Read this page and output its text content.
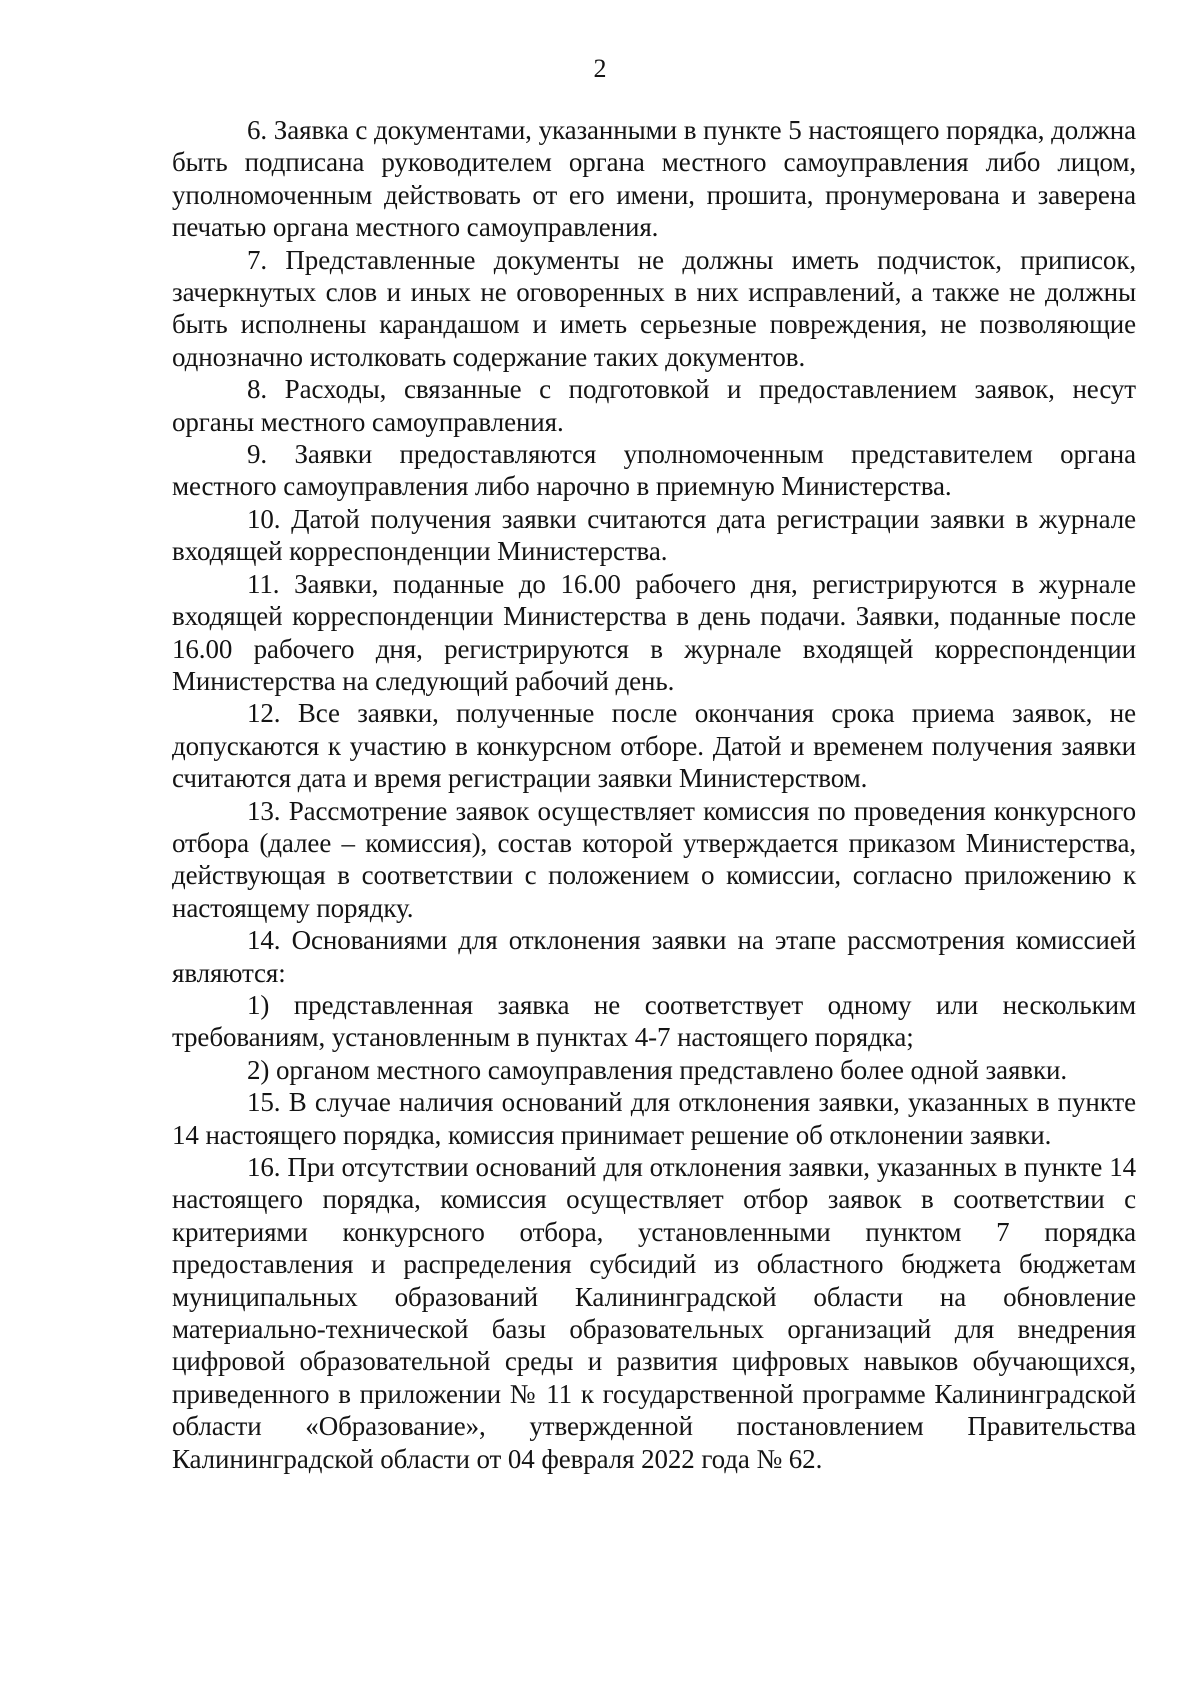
2

6. Заявка с документами, указанными в пункте 5 настоящего порядка, должна быть подписана руководителем органа местного самоуправления либо лицом, уполномоченным действовать от его имени, прошита, пронумерована и заверена печатью органа местного самоуправления.

7. Представленные документы не должны иметь подчисток, приписок, зачеркнутых слов и иных не оговоренных в них исправлений, а также не должны быть исполнены карандашом и иметь серьезные повреждения, не позволяющие однозначно истолковать содержание таких документов.

8. Расходы, связанные с подготовкой и предоставлением заявок, несут органы местного самоуправления.

9. Заявки предоставляются уполномоченным представителем органа местного самоуправления либо нарочно в приемную Министерства.

10. Датой получения заявки считаются дата регистрации заявки в журнале входящей корреспонденции Министерства.

11. Заявки, поданные до 16.00 рабочего дня, регистрируются в журнале входящей корреспонденции Министерства в день подачи. Заявки, поданные после 16.00 рабочего дня, регистрируются в журнале входящей корреспонденции Министерства на следующий рабочий день.

12. Все заявки, полученные после окончания срока приема заявок, не допускаются к участию в конкурсном отборе. Датой и временем получения заявки считаются дата и время регистрации заявки Министерством.

13. Рассмотрение заявок осуществляет комиссия по проведения конкурсного отбора (далее – комиссия), состав которой утверждается приказом Министерства, действующая в соответствии с положением о комиссии, согласно приложению к настоящему порядку.

14. Основаниями для отклонения заявки на этапе рассмотрения комиссией являются:

1) представленная заявка не соответствует одному или нескольким требованиям, установленным в пунктах 4-7 настоящего порядка;

2) органом местного самоуправления представлено более одной заявки.

15. В случае наличия оснований для отклонения заявки, указанных в пункте 14 настоящего порядка, комиссия принимает решение об отклонении заявки.

16. При отсутствии оснований для отклонения заявки, указанных в пункте 14 настоящего порядка, комиссия осуществляет отбор заявок в соответствии с критериями конкурсного отбора, установленными пунктом 7 порядка предоставления и распределения субсидий из областного бюджета бюджетам муниципальных образований Калининградской области на обновление материально-технической базы образовательных организаций для внедрения цифровой образовательной среды и развития цифровых навыков обучающихся, приведенного в приложении № 11 к государственной программе Калининградской области «Образование», утвержденной постановлением Правительства Калининградской области от 04 февраля 2022 года № 62.
